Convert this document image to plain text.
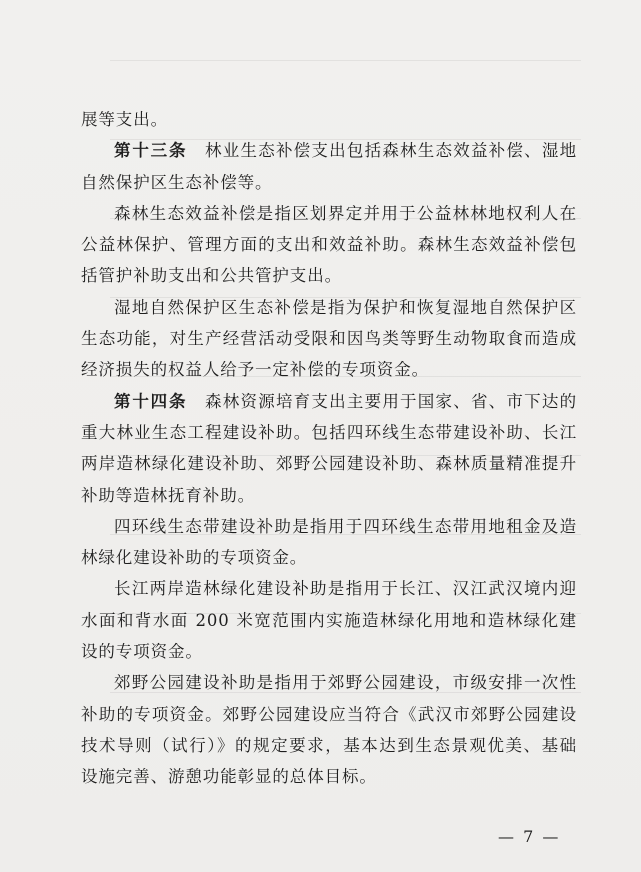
展等支出。

第十三条　 林业生态补偿支出包括森林生态效益补偿、湿地自然保护区生态补偿等。

森林生态效益补偿是指区划界定并用于公益林林地权利人在公益林保护、管理方面的支出和效益补助。森林生态效益补偿包括管护补助支出和公共管护支出。

湿地自然保护区生态补偿是指为保护和恢复湿地自然保护区生态功能，对生产经营活动受限和因鸟类等野生动物取食而造成经济损失的权益人给予一定补偿的专项资金。

第十四条　 森林资源培育支出主要用于国家、省、市下达的重大林业生态工程建设补助。包括四环线生态带建设补助、长江两岸造林绿化建设补助、郊野公园建设补助、森林质量精准提升补助等造林抚育补助。

四环线生态带建设补助是指用于四环线生态带用地租金及造林绿化建设补助的专项资金。

长江两岸造林绿化建设补助是指用于长江、汉江武汉境内迎水面和背水面 200 米宽范围内实施造林绿化用地和造林绿化建设的专项资金。

郊野公园建设补助是指用于郊野公园建设，市级安排一次性补助的专项资金。郊野公园建设应当符合《武汉市郊野公园建设技术导则（试行）》的规定要求，基本达到生态景观优美、基础设施完善、游憩功能彰显的总体目标。

— 7 —
